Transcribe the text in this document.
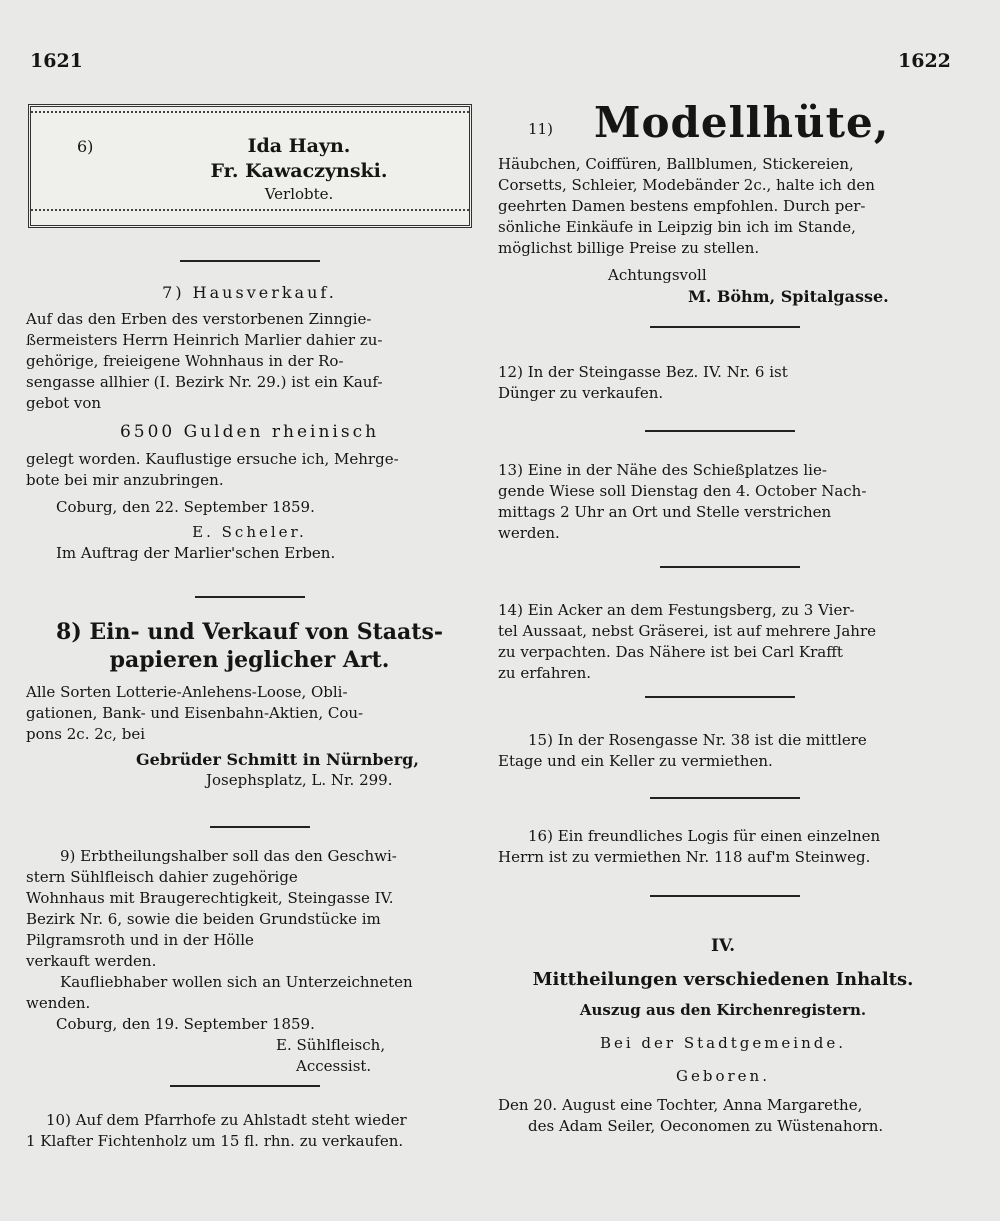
1621	1622
6)	Ida Hayn.
Fr. Kawaczynski.
Verlobte.

7) Hausverkauf.

Auf das den Erben des verstorbenen Zinngie-

ßermeisters Herrn Heinrich Marlier dahier zu-

gehörige, freieigene Wohnhaus in der Ro-

sengasse allhier (I. Bezirk Nr. 29.) ist ein Kauf-

gebot von

6500 Gulden rheinisch

gelegt worden. Kauflustige ersuche ich, Mehrge-

bote bei mir anzubringen.

Coburg, den 22. September 1859.

E. Scheler.

Im Auftrag der Marlier'schen Erben.

8) Ein- und Verkauf von Staats-

papieren jeglicher Art.

Alle Sorten Lotterie-Anlehens-Loose, Obli-

gationen, Bank- und Eisenbahn-Aktien, Cou-

pons 2c. 2c, bei

Gebrüder Schmitt in Nürnberg,

Josephsplatz, L. Nr. 299.

9) Erbtheilungshalber soll das den Geschwi-

stern Sühlfleisch dahier zugehörige

Wohnhaus mit Braugerechtigkeit, Steingasse IV.

Bezirk Nr. 6, sowie die beiden Grundstücke im

Pilgramsroth und in der Hölle

verkauft werden.

Kaufliebhaber wollen sich an Unterzeichneten

wenden.

Coburg, den 19. September 1859.

E. Sühlfleisch,

Accessist.

10) Auf dem Pfarrhofe zu Ahlstadt steht wieder

1 Klafter Fichtenholz um 15 fl. rhn. zu verkaufen.

11) Modellhüte,

Häubchen, Coiffüren, Ballblumen, Stickereien,

Corsetts, Schleier, Modebänder 2c., halte ich den

geehrten Damen bestens empfohlen. Durch per-

sönliche Einkäufe in Leipzig bin ich im Stande,

möglichst billige Preise zu stellen.

Achtungsvoll

M. Böhm, Spitalgasse.

12) In der Steingasse Bez. IV. Nr. 6 ist

Dünger zu verkaufen.

13) Eine in der Nähe des Schießplatzes lie-

gende Wiese soll Dienstag den 4. October Nach-

mittags 2 Uhr an Ort und Stelle verstrichen

werden.

14) Ein Acker an dem Festungsberg, zu 3 Vier-

tel Aussaat, nebst Gräserei, ist auf mehrere Jahre

zu verpachten. Das Nähere ist bei Carl Krafft

zu erfahren.

15) In der Rosengasse Nr. 38 ist die mittlere

Etage und ein Keller zu vermiethen.

16) Ein freundliches Logis für einen einzelnen

Herrn ist zu vermiethen Nr. 118 auf'm Steinweg.

IV.

Mittheilungen verschiedenen Inhalts.

Auszug aus den Kirchenregistern.

Bei der Stadtgemeinde.

Geboren.

Den 20. August eine Tochter, Anna Margarethe,

des Adam Seiler, Oeconomen zu Wüstenahorn.
